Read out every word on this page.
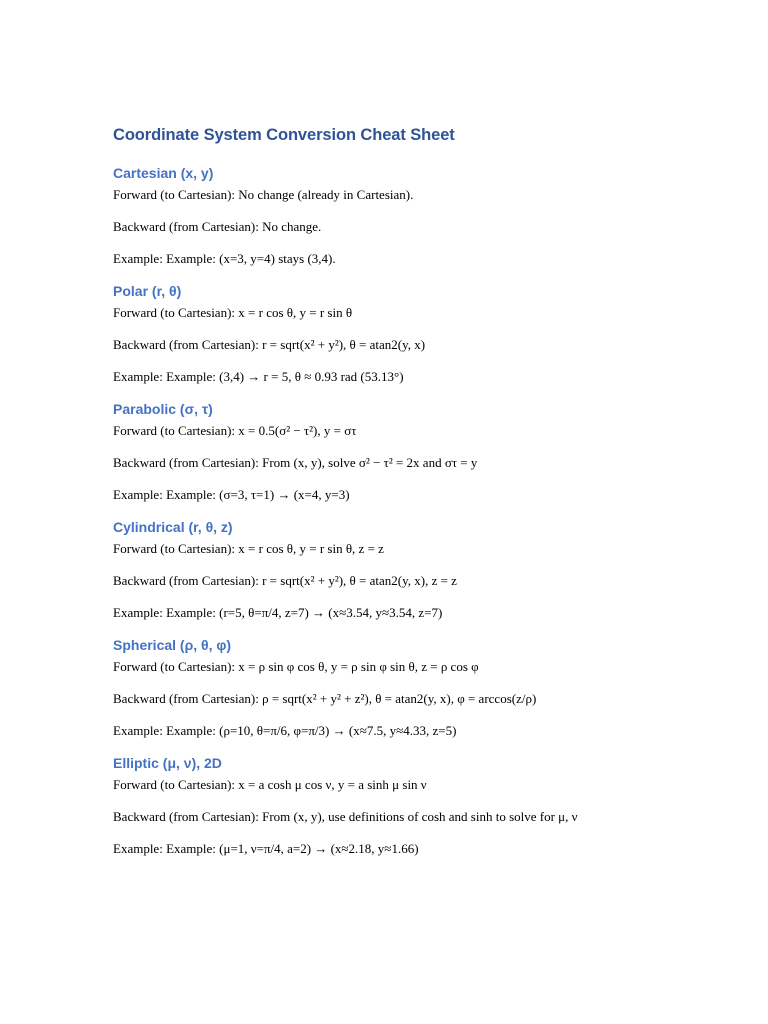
Coordinate System Conversion Cheat Sheet
Cartesian (x, y)
Forward (to Cartesian): No change (already in Cartesian).
Backward (from Cartesian): No change.
Example: Example: (x=3, y=4) stays (3,4).
Polar (r, θ)
Forward (to Cartesian): x = r cos θ, y = r sin θ
Backward (from Cartesian): r = sqrt(x² + y²), θ = atan2(y, x)
Example: Example: (3,4) → r = 5, θ ≈ 0.93 rad (53.13°)
Parabolic (σ, τ)
Forward (to Cartesian): x = 0.5(σ² − τ²), y = στ
Backward (from Cartesian): From (x, y), solve σ² − τ² = 2x and στ = y
Example: Example: (σ=3, τ=1) → (x=4, y=3)
Cylindrical (r, θ, z)
Forward (to Cartesian): x = r cos θ, y = r sin θ, z = z
Backward (from Cartesian): r = sqrt(x² + y²), θ = atan2(y, x), z = z
Example: Example: (r=5, θ=π/4, z=7) → (x≈3.54, y≈3.54, z=7)
Spherical (ρ, θ, φ)
Forward (to Cartesian): x = ρ sin φ cos θ, y = ρ sin φ sin θ, z = ρ cos φ
Backward (from Cartesian): ρ = sqrt(x² + y² + z²), θ = atan2(y, x), φ = arccos(z/ρ)
Example: Example: (ρ=10, θ=π/6, φ=π/3) → (x≈7.5, y≈4.33, z=5)
Elliptic (μ, ν), 2D
Forward (to Cartesian): x = a cosh μ cos ν, y = a sinh μ sin ν
Backward (from Cartesian): From (x, y), use definitions of cosh and sinh to solve for μ, ν
Example: Example: (μ=1, ν=π/4, a=2) → (x≈2.18, y≈1.66)
